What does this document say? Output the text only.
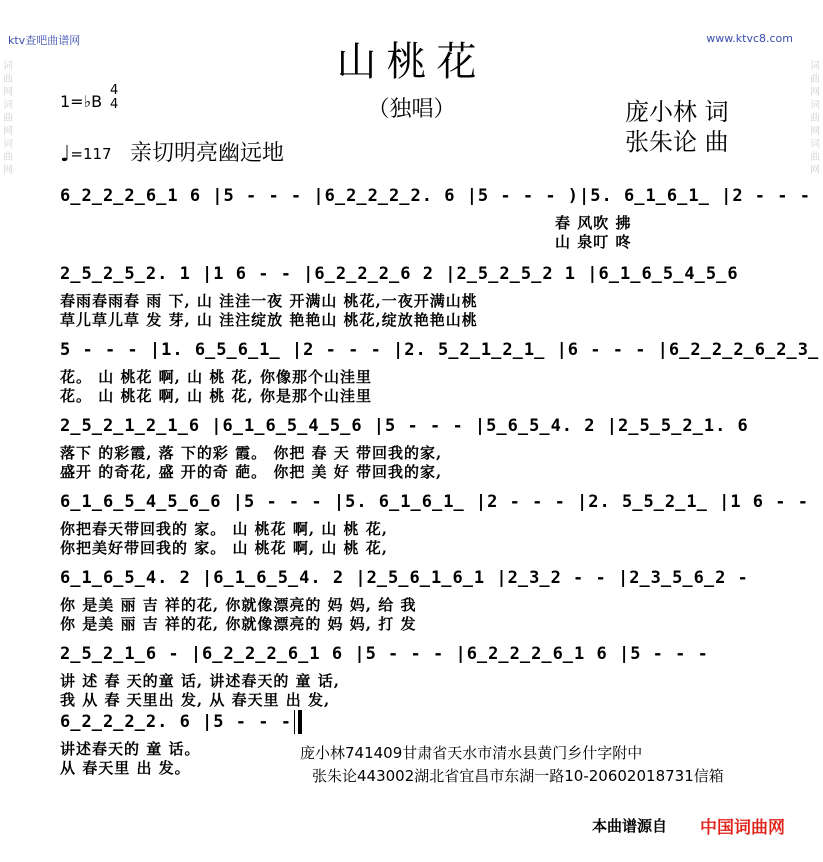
ktv查吧曲谱网	www.ktvc8.com
词曲网词曲网词曲网
词曲网词曲网词曲网
山桃花
（独唱）
1=♭B
4
4
♩=117 亲切明亮幽远地
庞小林 词
张朱论 曲
6̲2̲2̲2̲6̲1 6 |5 - - - |6̲2̲2̲2̲2. 6 |5 - - - )|5. 6̲1̲6̲1̲ |2 - - -
春 风吹 拂
山 泉叮 咚
2̲5̲2̲5̲2. 1 |1 6 - - |6̲2̲2̲2̲6 2 |2̲5̲2̲5̲2 1 |6̲1̲6̲5̲4̲5̲6
春雨春雨春 雨 下, 山 洼洼一夜 开满山 桃花,一夜开满山桃
草儿草儿草 发 芽, 山 洼注绽放 艳艳山 桃花,绽放艳艳山桃
5 - - - |1. 6̲5̲6̲1̲ |2 - - - |2. 5̲2̲1̲2̲1̲ |6 - - - |6̲2̲2̲2̲6̲2̲3̲
花。 山 桃花 啊, 山 桃 花, 你像那个山洼里
花。 山 桃花 啊, 山 桃 花, 你是那个山洼里
2̲5̲2̲1̲2̲1̲6 |6̲1̲6̲5̲4̲5̲6 |5 - - - |5̲6̲5̲4. 2 |2̲5̲5̲2̲1. 6
落下 的彩霞, 落 下的彩 霞。 你把 春 天 带回我的家,
盛开 的奇花, 盛 开的奇 葩。 你把 美 好 带回我的家,
6̲1̲6̲5̲4̲5̲6̲6 |5 - - - |5. 6̲1̲6̲1̲ |2 - - - |2. 5̲5̲2̲1̲ |1 6 - -
你把春天带回我的 家。 山 桃花 啊, 山 桃 花,
你把美好带回我的 家。 山 桃花 啊, 山 桃 花,
6̲1̲6̲5̲4. 2 |6̲1̲6̲5̲4. 2 |2̲5̲6̲1̲6̲1 |2̲3̲2 - - |2̲3̲5̲6̲2 -
你 是美 丽 吉 祥的花, 你就像漂亮的 妈 妈, 给 我
你 是美 丽 吉 祥的花, 你就像漂亮的 妈 妈, 打 发
2̲5̲2̲1̲6 - |6̲2̲2̲2̲6̲1 6 |5 - - - |6̲2̲2̲2̲6̲1 6 |5 - - -
讲 述 春 天的童 话, 讲述春天的 童 话,
我 从 春 天里出 发, 从 春天里 出 发,
6̲2̲2̲2̲2. 6 |5 - - -
讲述春天的 童 话。
从 春天里 出 发。
庞小林741409甘肃省天水市清水县黄门乡什字附中
张朱论443002湖北省宜昌市东湖一路10-20602018731信箱
本曲谱源自 中国词曲网
